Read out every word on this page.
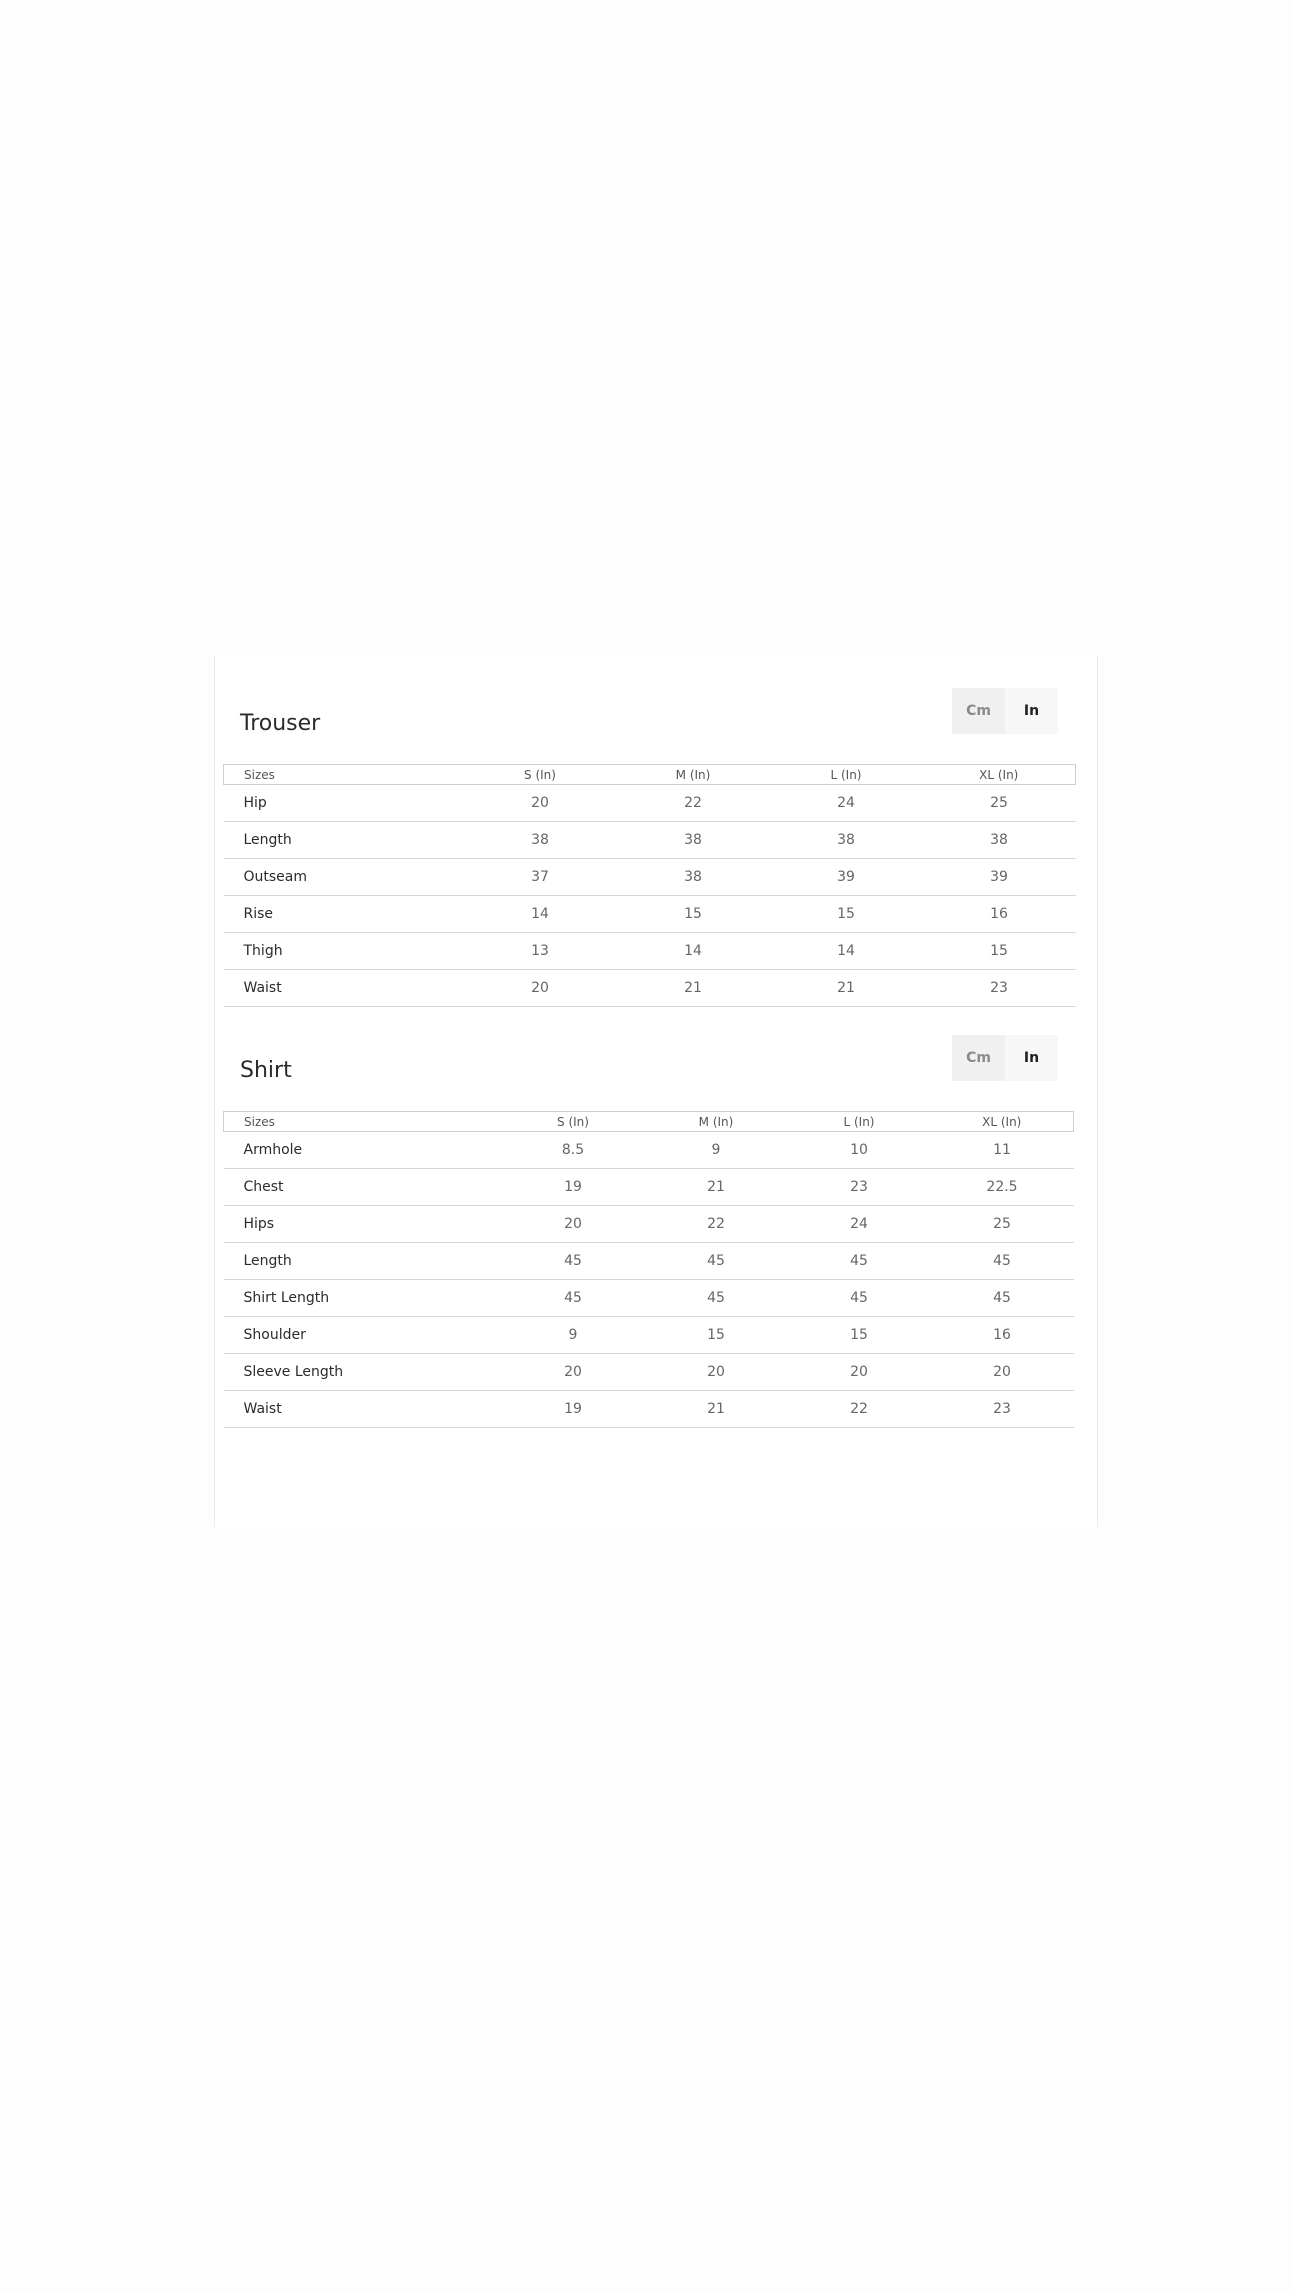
Trouser	Cm	In
Sizes	S (In)	M (In)	L (In)	XL (In)
Hip	20	22	24	25
Length	38	38	38	38
Outseam	37	38	39	39
Rise	14	15	15	16
Thigh	13	14	14	15
Waist	20	21	21	23
Shirt	Cm	In
Sizes	S (In)	M (In)	L (In)	XL (In)
Armhole	8.5	9	10	11
Chest	19	21	23	22.5
Hips	20	22	24	25
Length	45	45	45	45
Shirt Length	45	45	45	45
Shoulder	9	15	15	16
Sleeve Length	20	20	20	20
Waist	19	21	22	23
